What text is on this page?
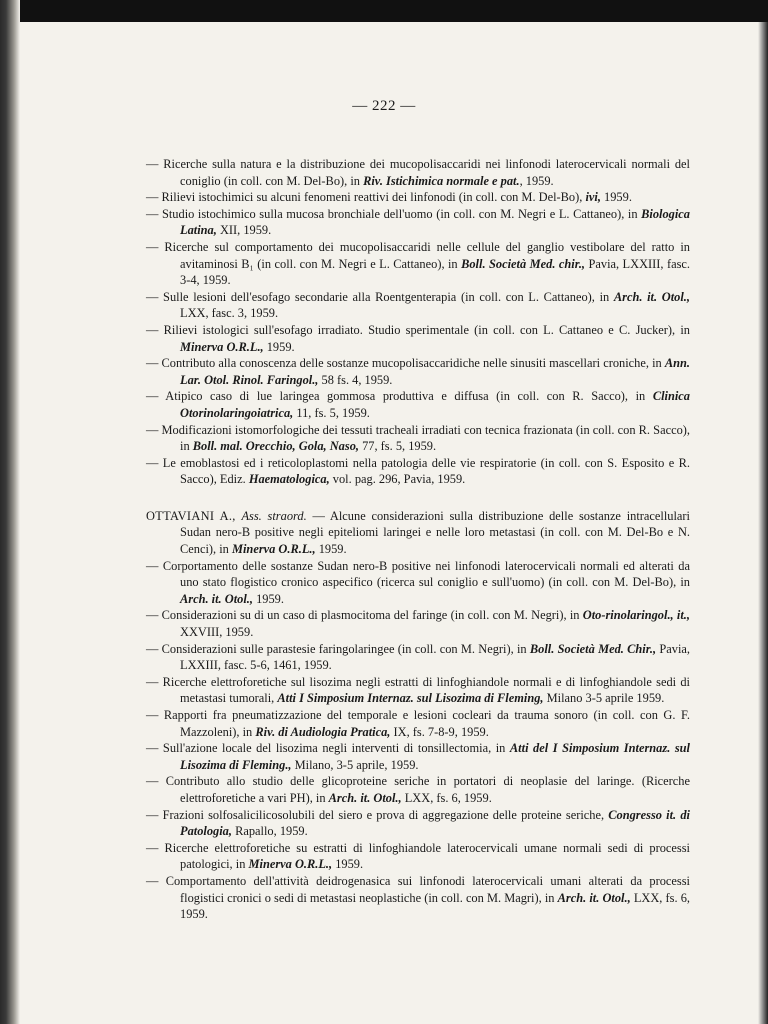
— 222 —
— Ricerche sulla natura e la distribuzione dei mucopolisaccaridi nei linfonodi laterocervicali normali del coniglio (in coll. con M. Del-Bo), in Riv. Istichimica normale e pat., 1959.
— Rilievi istochimici su alcuni fenomeni reattivi dei linfonodi (in coll. con M. Del-Bo), ivi, 1959.
— Studio istochimico sulla mucosa bronchiale dell'uomo (in coll. con M. Negri e L. Cattaneo), in Biologica Latina, XII, 1959.
— Ricerche sul comportamento dei mucopolisaccaridi nelle cellule del ganglio vestibolare del ratto in avitaminosi B₁ (in coll. con M. Negri e L. Cattaneo), in Boll. Società Med. chir., Pavia, LXXIII, fasc. 3-4, 1959.
— Sulle lesioni dell'esofago secondarie alla Roentgenterapia (in coll. con L. Cattaneo), in Arch. it. Otol., LXX, fasc. 3, 1959.
— Rilievi istologici sull'esofago irradiato. Studio sperimentale (in coll. con L. Cattaneo e C. Jucker), in Minerva O.R.L., 1959.
— Contributo alla conoscenza delle sostanze mucopolisaccaridiche nelle sinusiti mascellari croniche, in Ann. Lar. Otol. Rinol. Faringol., 58 fs. 4, 1959.
— Atipico caso di lue laringea gommosa produttiva e diffusa (in coll. con R. Sacco), in Clinica Otorinolaringoiatrica, 11, fs. 5, 1959.
— Modificazioni istomorfologiche dei tessuti tracheali irradiati con tecnica frazionata (in coll. con R. Sacco), in Boll. mal. Orecchio, Gola, Naso, 77, fs. 5, 1959.
— Le emoblastosi ed i reticoloplastomi nella patologia delle vie respiratorie (in coll. con S. Esposito e R. Sacco), Ediz. Haematologica, vol. pag. 296, Pavia, 1959.
OTTAVIANI A., Ass. straord. — Alcune considerazioni sulla distribuzione delle sostanze intracellulari Sudan nero-B positive negli epiteliomi laringei e nelle loro metastasi (in coll. con M. Del-Bo e N. Cenci), in Minerva O.R.L., 1959.
— Corportamento delle sostanze Sudan nero-B positive nei linfonodi laterocervicali normali ed alterati da uno stato flogistico cronico aspecifico (ricerca sul coniglio e sull'uomo) (in coll. con M. Del-Bo), in Arch. it. Otol., 1959.
— Considerazioni su di un caso di plasmocitoma del faringe (in coll. con M. Negri), in Oto-rinolaringol., it., XXVIII, 1959.
— Considerazioni sulle parastesie faringolaringee (in coll. con M. Negri), in Boll. Società Med. Chir., Pavia, LXXIII, fasc. 5-6, 1461, 1959.
— Ricerche elettroforetiche sul lisozima negli estratti di linfoghiandole normali e di linfoghiandole sedi di metastasi tumorali, Atti I Simposium Internaz. sul Lisozima di Fleming, Milano 3-5 aprile 1959.
— Rapporti fra pneumatizzazione del temporale e lesioni cocleari da trauma sonoro (in coll. con G. F. Mazzoleni), in Riv. di Audiologia Pratica, IX, fs. 7-8-9, 1959.
— Sull'azione locale del lisozima negli interventi di tonsillectomia, in Atti del I Simposium Internaz. sul Lisozima di Fleming., Milano, 3-5 aprile, 1959.
— Contributo allo studio delle glicoproteine seriche in portatori di neoplasie del laringe. (Ricerche elettroforetiche a vari PH), in Arch. it. Otol., LXX, fs. 6, 1959.
— Frazioni solfosalicilicosolubili del siero e prova di aggregazione delle proteine seriche, Congresso it. di Patologia, Rapallo, 1959.
— Ricerche elettroforetiche su estratti di linfoghiandole laterocervicali umane normali sedi di processi patologici, in Minerva O.R.L., 1959.
— Comportamento dell'attività deidrogenasica sui linfonodi laterocervicali umani alterati da processi flogistici cronici o sedi di metastasi neoplastiche (in coll. con M. Magri), in Arch. it. Otol., LXX, fs. 6, 1959.
